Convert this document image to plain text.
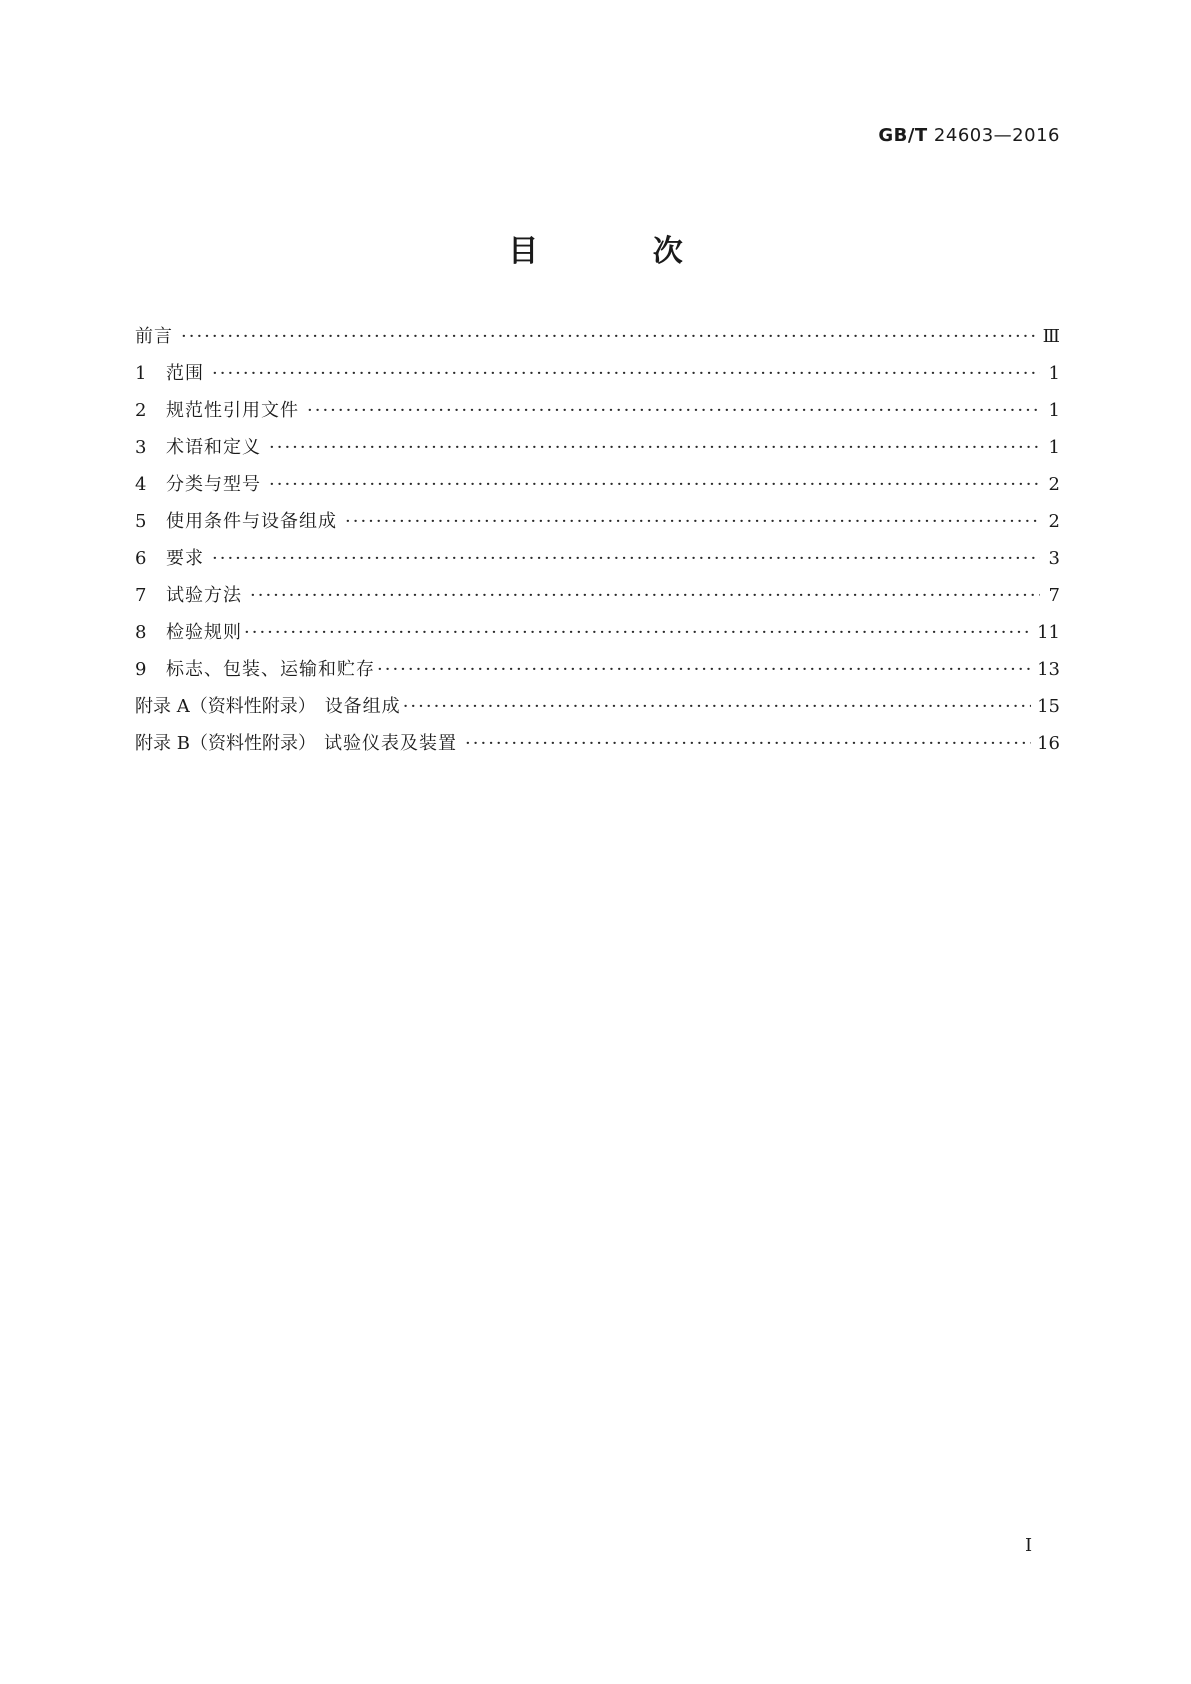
GB/T 24603—2016
目 次
前言 ·····	Ⅲ
1	范围 ·····	1
2	规范性引用文件 ·····	1
3	术语和定义 ·····	1
4	分类与型号 ·····	2
5	使用条件与设备组成 ·····	2
6	要求 ·····	3
7	试验方法 ·····	7
8	检验规则 ·····	11
9	标志、包装、运输和贮存 ·····	13
附录 A（资料性附录） 设备组成 ·····	15
附录 B（资料性附录） 试验仪表及装置 ·····	16
I
